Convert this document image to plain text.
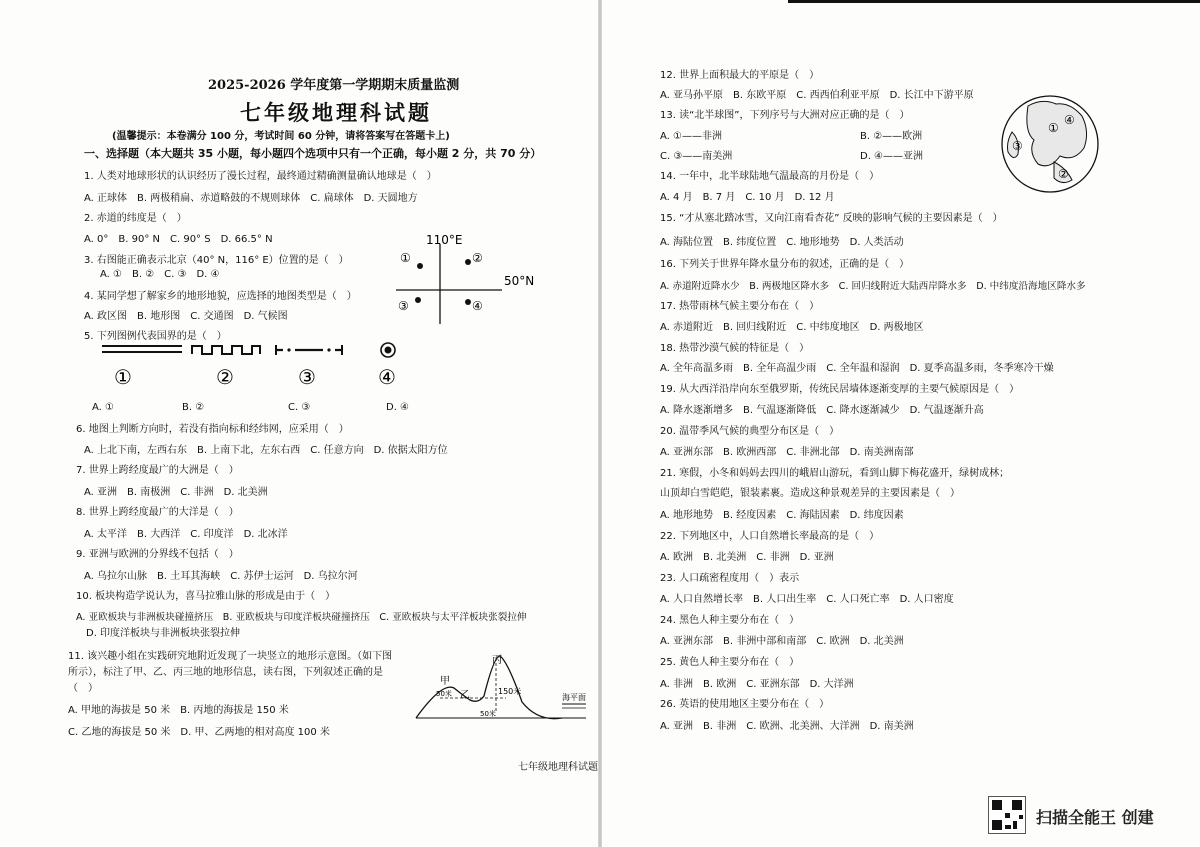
2025-2026 学年度第一学期期末质量监测
七年级地理科试题
(温馨提示：本卷满分 100 分，考试时间 60 分钟，请将答案写在答题卡上)
一、选择题（本大题共 35 小题，每小题四个选项中只有一个正确，每小题 2 分，共 70 分）
1. 人类对地球形状的认识经历了漫长过程，最终通过精确测量确认地球是（　）
A. 正球体　B. 两极稍扁、赤道略鼓的不规则球体　C. 扁球体　D. 天圆地方
2. 赤道的纬度是（　）
A. 0°　B. 90° N　C. 90° S　D. 66.5° N
3. 右图能正确表示北京（40° N，116° E）位置的是（　）
A. ①　B. ②　C. ③　D. ④
4. 某同学想了解家乡的地形地貌，应选择的地图类型是（　）
A. 政区图　B. 地形图　C. 交通图　D. 气候图
5. 下列图例代表国界的是（　）
110°E
50°N
①	②
③	④
①	②	③	④
A. ①	B. ②	C. ③	D. ④
6. 地图上判断方向时，若没有指向标和经纬网，应采用（　）
A. 上北下南，左西右东　B. 上南下北，左东右西　C. 任意方向　D. 依据太阳方位
7. 世界上跨经度最广的大洲是（　）
A. 亚洲　B. 南极洲　C. 非洲　D. 北美洲
8. 世界上跨经度最广的大洋是（　）
A. 太平洋　B. 大西洋　C. 印度洋　D. 北冰洋
9. 亚洲与欧洲的分界线不包括（　）
A. 乌拉尔山脉　B. 土耳其海峡　C. 苏伊士运河　D. 乌拉尔河
10. 板块构造学说认为，喜马拉雅山脉的形成是由于（　）
A. 亚欧板块与非洲板块碰撞挤压　B. 亚欧板块与印度洋板块碰撞挤压　C. 亚欧板块与太平洋板块张裂拉伸
D. 印度洋板块与非洲板块张裂拉伸
11. 该兴趣小组在实践研究地附近发现了一块竖立的地形示意图。（如下图
所示），标注了甲、乙、丙三地的地形信息，读右图，下列叙述正确的是
（　）
A. 甲地的海拔是 50 米　B. 丙地的海拔是 150 米
C. 乙地的海拔是 50 米　D. 甲、乙两地的相对高度 100 米
甲
50米 乙
丙
150米
50米
海平面
七年级地理科试题
12. 世界上面积最大的平原是（　）
A. 亚马孙平原　B. 东欧平原　C. 西西伯利亚平原　D. 长江中下游平原
13. 读“北半球图”，下列序号与大洲对应正确的是（　）
A. ①——非洲	B. ②——欧洲
C. ③——南美洲	D. ④——亚洲
14. 一年中，北半球陆地气温最高的月份是（　）
A. 4 月　B. 7 月　C. 10 月　D. 12 月
15. “才从塞北踏冰雪，又向江南看杏花” 反映的影响气候的主要因素是（　）
A. 海陆位置　B. 纬度位置　C. 地形地势　D. 人类活动
16. 下列关于世界年降水量分布的叙述，正确的是（　）
A. 赤道附近降水少　B. 两极地区降水多　C. 回归线附近大陆西岸降水多　D. 中纬度沿海地区降水多
17. 热带雨林气候主要分布在（　）
A. 赤道附近　B. 回归线附近　C. 中纬度地区　D. 两极地区
18. 热带沙漠气候的特征是（　）
A. 全年高温多雨　B. 全年高温少雨　C. 全年温和湿润　D. 夏季高温多雨，冬季寒冷干燥
19. 从大西洋沿岸向东至俄罗斯，传统民居墙体逐渐变厚的主要气候原因是（　）
A. 降水逐渐增多　B. 气温逐渐降低　C. 降水逐渐减少　D. 气温逐渐升高
20. 温带季风气候的典型分布区是（　）
A. 亚洲东部　B. 欧洲西部　C. 非洲北部　D. 南美洲南部
21. 寒假，小冬和妈妈去四川的峨眉山游玩，看到山脚下梅花盛开，绿树成林；
山顶却白雪皑皑，银装素裹。造成这种景观差异的主要因素是（　）
A. 地形地势　B. 经度因素　C. 海陆因素　D. 纬度因素
22. 下列地区中，人口自然增长率最高的是（　）
A. 欧洲　B. 北美洲　C. 非洲　D. 亚洲
23. 人口疏密程度用（　）表示
A. 人口自然增长率　B. 人口出生率　C. 人口死亡率　D. 人口密度
24. 黑色人种主要分布在（　）
A. 亚洲东部　B. 非洲中部和南部　C. 欧洲　D. 北美洲
25. 黄色人种主要分布在（　）
A. 非洲　B. 欧洲　C. 亚洲东部　D. 大洋洲
26. 英语的使用地区主要分布在（　）
A. 亚洲　B. 非洲　C. 欧洲、北美洲、大洋洲　D. 南美洲
④
①
③
②
扫描全能王 创建
